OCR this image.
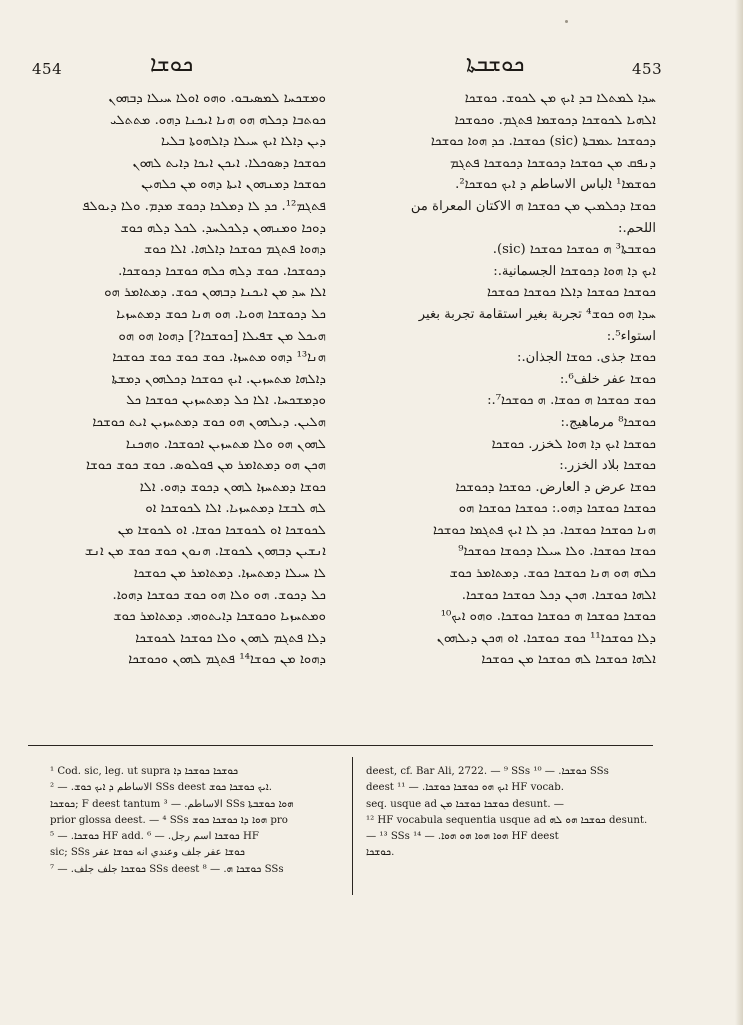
454	ܟܘܫܐ	ܟܘܫܒܬܐ	453

ܘܡܫܟܚܐ ܠܡܣܝܒܘ. ܘܗܘ ܐܘܠܐ ܚܝܠܐ ܕܒܗܘܢ

ܟܘܬܒܐ ܕܟܠܗ ܗܘ ܗܢܐ ܐܝܟܢܐ ܕܗܘ. ܡܬܬܠܝ

ܕܝܢ ܕܐܠܐ ܐܝܟ ܚܝܠܐ ܕܐܠܗܘܬܐ ܒܠܝܐ

ܟܘܫܟܐ ܕܣܘܟܠܐ. ܐܝܟܢ ܐܝܟܐ ܕܐܝܬ ܠܗܘܢ

ܟܘܫܟܐ ܕܡܢܗܘܢ ܐܝܬܐ ܕܗܘ ܡܢ ܟܠܗܝܢ

ܦܬܓܡ¹². ܟܕ ܠܐ ܕܡܠܟܐ ܕܟܘܫ ܡܕܡ. ܘܠܐ ܕܝܘܠܦ

ܕܘܟܐ ܘܡܢܗܘܢ ܕܠܟܠܚܕ. ܠܟܠ ܕܠܗ ܟܘܫ

ܕܗܘܐ ܦܬܓܡ ܟܘܫܟܐ ܕܐܠܗܐ. ܐܠܐ ܟܘܫ

ܕܟܘܫܟܐ. ܟܘܫ ܕܠܗ ܟܠܗ ܟܘܫܟܐ ܕܟܘܫܟܐ.

ܐܠܐ ܚܕ ܡܢ ܐܝܟܢܐ ܕܒܗܘܢ ܟܘܫ. ܕܡܬܐܡܪ ܗܘ

ܟܠ ܕܟܘܫܟܐ ܗܘܝܐ. ܗܘ ܗܢܐ ܟܘܫ ܕܡܬܚܙܝܐ

ܗܝܟܠ ܡܢ ܫܦܝܠܐ [ܟܘܫܟܐ?] ܕܗܘܐ ܗܘ ܗܘ

ܗܢܐ¹³ ܕܗܘ ܡܬܚܙܐ. ܟܘܫ ܟܘܫ ܟܘܫ ܟܘܫܟܐ

ܕܐܠܗܐ ܡܬܚܙܝܢ. ܐܝܟ ܟܘܫܟܐ ܕܟܠܗܘܢ ܕܡܫܬܐ

ܘܕܡܫܟܚܐ. ܐܠܐ ܟܠ ܕܡܬܚܙܝܢ ܟܘܫܟܐ ܟܠ

ܗܠܝܢ. ܕܝܠܗܘܢ ܗܘ ܟܘܫ ܕܡܬܚܙܝܢ ܐܝܬ ܟܘܫܟܐ

ܠܗܘܢ ܗܘ ܘܠܐ ܡܬܚܙܝܢ ܐܟܘܫܟܐ. ܘܗܟܢܐ

ܗܟܢ ܗܘ ܕܡܬܐܡܪ ܡܢ ܦܘܠܘܣ. ܟܘܫ ܟܘܫ ܟܘܫܐ

ܟܘܫܐ ܕܡܬܚܙܐ ܠܗܘܢ ܕܟܘܫ ܕܗܘ. ܐܠܐ

ܠܗ ܠܒܫܐ ܕܡܬܚܙܝܐ. ܐܠܐ ܠܟܘܫܟܐ ܐܘ

ܠܟܘܫܟܐ ܐܘ ܠܟܘܫܟܐ ܟܘܫܐ. ܐܘ ܠܟܘܫܐ ܡܢ

ܐܢܫܝܢ ܕܒܗܘܢ ܠܟܘܫܐ. ܗܢܘܢ ܟܘܫ ܟܘܫ ܡܢ ܐܢܫ

ܠܐ ܚܝܠܐ ܕܡܬܚܙܐ. ܕܡܬܐܡܪ ܡܢ ܟܘܫܟܐ

ܟܠ ܕܟܘܫ. ܗܘ ܘܠܐ ܗܘ ܟܘܫ ܟܘܫܟܐ ܕܗܘܐ.

ܘܡܬܚܙܝܐ ܘܟܘܫܟܐ ܕܐܝܬܘܗܝ. ܕܡܬܐܡܪ ܟܘܫ

ܕܠܐ ܦܬܓܡ ܠܗܘܢ ܘܠܐ ܟܘܫܟܐ ܠܟܘܫܟܐ

ܕܗܘܐ ܡܢ ܟܘܫܐ¹⁴ ܦܬܓܡ ܠܗܘܢ ܘܟܘܫܟܐ

ܚܕܐ ܠܡܬܠܐ ܒܕ ܐܝܟ ܡܢ ܠܟܘܫ. ܟܘܫܟܐ

ܐܠܗܝܐ ܠܟܘܫܟܐ ܕܟܘܫܡܐ ܦܬܓܡ. ܘܟܘܫܟܐ

ܕܟܘܫܟܐ ܥܡܒܬܐ (sic) ܟܘܫܟܐ. ܟܕ ܗܘܐ ܟܘܫܟܐ

ܕܢܦܩ ܡܢ ܟܘܫܟܐ ܕܟܘܫܟܐ ܕܟܘܫܟܐ ܦܬܓܡ

ܟܘܫܡܐ¹ ܐلباس الاساطم ܕ ܐܝܟ ܟܘܫܟܐ².

ܟܘܫܐ ܕܟܠܡܝܢ ܡܢ ܟܘܫܟܐ ܗ الاكتان المعراة من

اللحم.:

ܟܘܫܒܬܐ³ ܗ ܟܘܫܟܐ ܟܘܫܟܐ (sic).

ܐܝܟ ܕܐ ܗܘܐ ܕܟܘܫܟܐ الجسمانية.:

ܟܘܫܟܐ ܟܘܫܟܐ ܕܐܠܐ ܟܘܫܟܐ ܟܘܫܟܐ

ܚܕܐ ܗܘ ܟܘܫ⁴ تجربة بغير استقامة تجربة بغير

استواء⁵.:

ܟܘܫܐ جذى. ܟܘܫܐ الجذان.:

ܟܘܫܐ عفر خلف⁶.:

ܟܘܫ ܟܘܫܟܐ ܗ ܟܘܫܐ. ܗ ܟܘܫܟܐ⁷.:

ܟܘܫܟܐ⁸ مرماهيج.:

ܟܘܫܟܐ ܐܝܟ ܕܐ ܗܘܐ ܠخزر. ܟܘܫܟܐ

ܟܘܫܟܐ بلاد الخزر.:

ܟܘܫܐ عرض ܕ العارض. ܟܘܫܟܐ ܕܟܘܫܟܐ

ܟܘܫܟܐ ܟܘܫܟܐ ܕܗܘ.: ܟܘܫܟܐ ܟܘܫܟܐ ܗܘ

ܗܢܐ ܟܘܫܟܐ ܟܘܫܟܐ. ܟܕ ܠܐ ܐܝܟ ܦܬܓܡܐ ܟܘܫܟܐ

ܟܘܫܐ ܟܘܫܟܐ. ܘܠܐ ܚܝܠܐ ܕܟܘܫܐ ܟܘܫܟܐ⁹

ܟܠܗ ܗܘ ܗܢܐ ܟܘܫܟܐ ܟܘܫ. ܕܡܬܐܡܪ ܟܘܫ

ܐܠܗܐ ܟܘܫܟܐ. ܗܟܢ ܕܟܠ ܟܘܫܟܐ ܟܘܫܟܐ.

ܟܘܫܟܐ ܟܘܫܟܐ ܗ ܟܘܫܟܐ ܟܘܫܟܐ. ܘܗܘ ܐܝܟ¹⁰

ܕܠܐ ܟܘܫܟܐ¹¹ ܟܘܫ ܟܘܫܟܐ. ܐܘ ܗܟܢ ܕܝܠܗܘܢ

ܐܠܗܐ ܟܘܫܟܐ ܠܗ ܟܘܫܟܐ ܡܢ ܟܘܫܟܐ

¹ Cod. sic, leg. ut supra ܟܘܫܟܐ ܟܘܫܟܐ ܕܐ

الاساطم ܕ ܐܝܟ ܟܘܫ. — ² SSs deest ܐܝܟ ܟܘܫܟܐ ܟܘܫ.

ܟܘܫܟܐ; F deest tantum الاساطم. — ³ SSs ܗܘܐ ܟܘܫܒܬܐ

prior glossa deest. — ⁴ SSs ܗܘܐ ܕܐ ܟܘܫܟܐ ܟܘܫ pro

ܟܘܫܟܐ. — ⁵ HF add. ܟܘܫܟܐ اسم رجل. — ⁶ HF

sic; SSs ܟܘܫܐ عفر جلف وعندي انه ܟܘܫܐ عفر

ܟܘܫܟܐ جلف جلف. — ⁷ SSs deest ܟܘܫܟܐ ܗ. — ⁸ SSs

deest, cf. Bar Ali, 2722. — ⁹ SSs ܟܘܫܟܐ. — ¹⁰ SSs

deest ܐܝܟ ܗܘ ܟܘܫܟܐ ܟܘܫܟܐ. — ¹¹ HF vocab.

seq. usque ad ܟܘܫܟܐ ܟܘܫܟܐ ܡܢ desunt. —

¹² HF vocabula sequentia usque ad ܟܘܫܟܐ ܗܘ ܠܗ desunt.

— ¹³ SSs ܗܘܐ ܗܘܐ ܗܘ ܗܘܐ. — ¹⁴ HF deest

ܟܘܫܟܐ.
